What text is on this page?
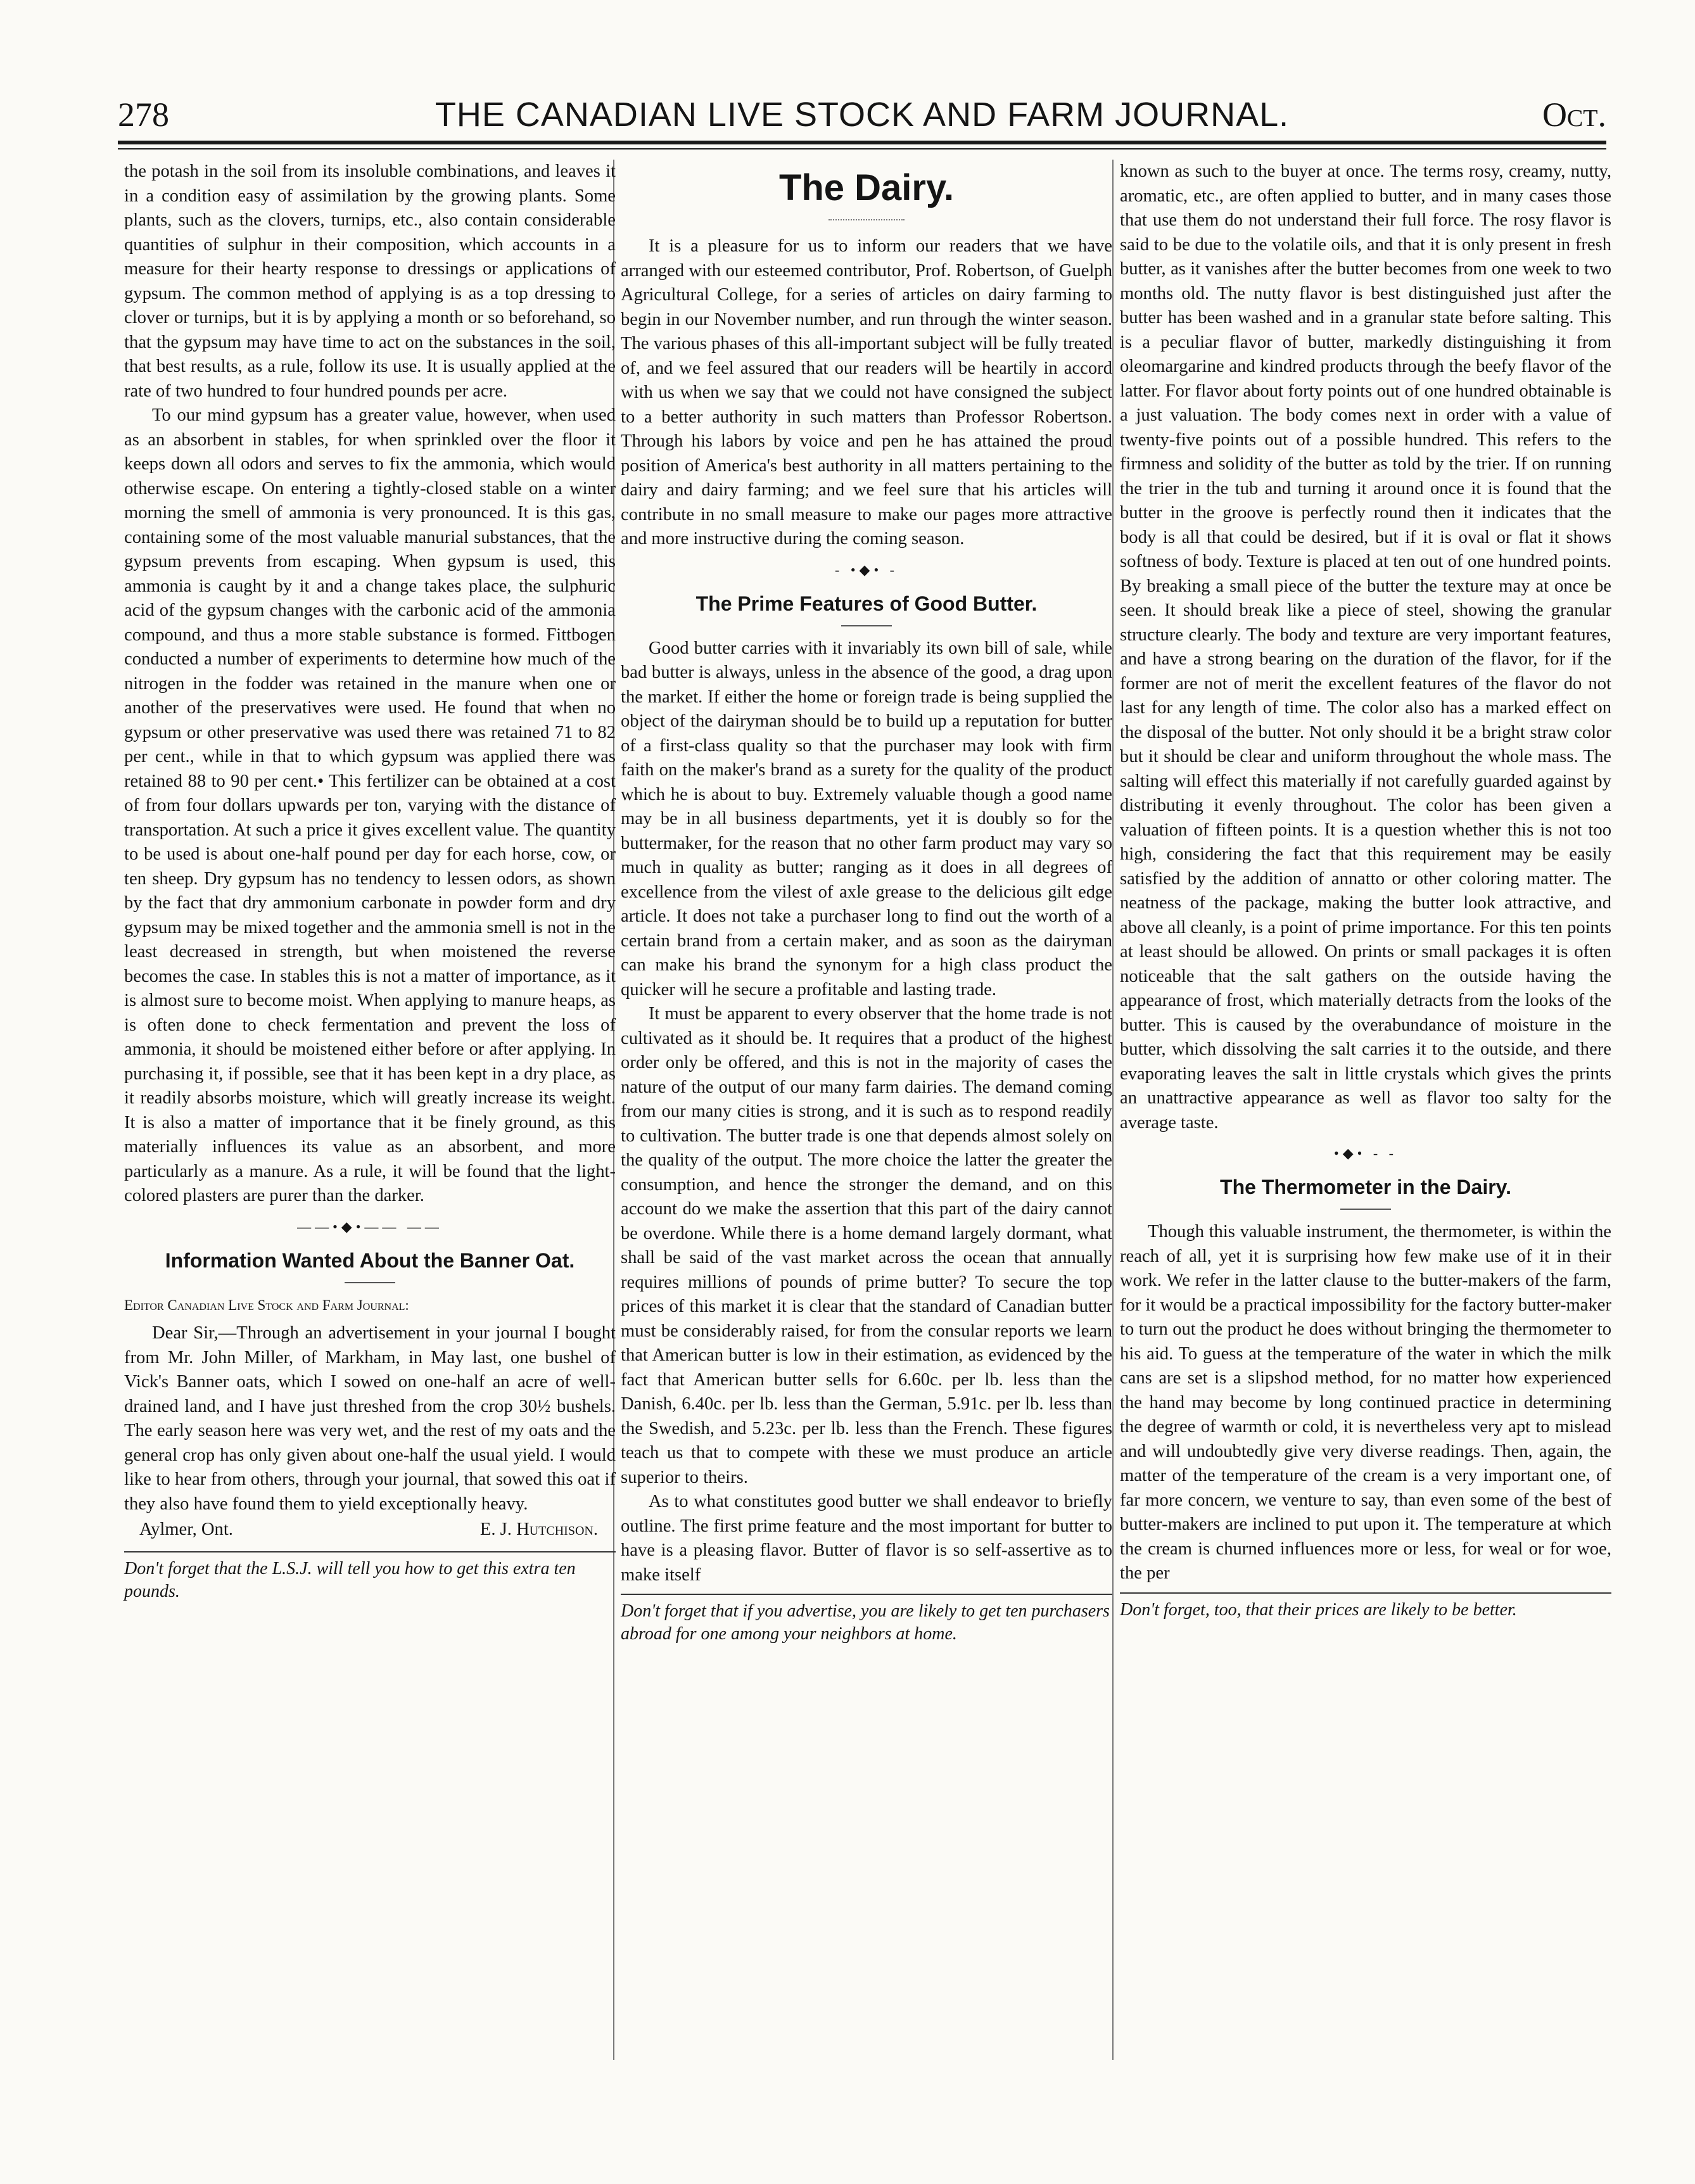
278	THE CANADIAN LIVE STOCK AND FARM JOURNAL.	Oct.

the potash in the soil from its insoluble combinations, and leaves it in a condition easy of assimilation by the growing plants. Some plants, such as the clovers, turnips, etc., also contain considerable quantities of sulphur in their composition, which accounts in a measure for their hearty response to dressings or applications of gypsum. The common method of applying is as a top dressing to clover or turnips, but it is by applying a month or so beforehand, so that the gypsum may have time to act on the substances in the soil, that best results, as a rule, follow its use. It is usually applied at the rate of two hundred to four hundred pounds per acre.

To our mind gypsum has a greater value, however, when used as an absorbent in stables, for when sprinkled over the floor it keeps down all odors and serves to fix the ammonia, which would otherwise escape. On entering a tightly-closed stable on a winter morning the smell of ammonia is very pronounced. It is this gas, containing some of the most valuable manurial substances, that the gypsum prevents from escaping. When gypsum is used, this ammonia is caught by it and a change takes place, the sulphuric acid of the gypsum changes with the carbonic acid of the ammonia compound, and thus a more stable substance is formed. Fittbogen conducted a number of experiments to determine how much of the nitrogen in the fodder was retained in the manure when one or another of the preservatives were used. He found that when no gypsum or other preservative was used there was retained 71 to 82 per cent., while in that to which gypsum was applied there was retained 88 to 90 per cent.• This fertilizer can be obtained at a cost of from four dollars upwards per ton, varying with the distance of transportation. At such a price it gives excellent value. The quantity to be used is about one-half pound per day for each horse, cow, or ten sheep. Dry gypsum has no tendency to lessen odors, as shown by the fact that dry ammonium carbonate in powder form and dry gypsum may be mixed together and the ammonia smell is not in the least decreased in strength, but when moistened the reverse becomes the case. In stables this is not a matter of importance, as it is almost sure to become moist. When applying to manure heaps, as is often done to check fermentation and prevent the loss of ammonia, it should be moistened either before or after applying. In purchasing it, if possible, see that it has been kept in a dry place, as it readily absorbs moisture, which will greatly increase its weight. It is also a matter of importance that it be finely ground, as this materially influences its value as an absorbent, and more particularly as a manure. As a rule, it will be found that the light-colored plasters are purer than the darker.

——•◆•—— ——
Information Wanted About the Banner Oat.

Editor Canadian Live Stock and Farm Journal:

Dear Sir,—Through an advertisement in your journal I bought from Mr. John Miller, of Markham, in May last, one bushel of Vick's Banner oats, which I sowed on one-half an acre of well-drained land, and I have just threshed from the crop 30½ bushels. The early season here was very wet, and the rest of my oats and the general crop has only given about one-half the usual yield. I would like to hear from others, through your journal, that sowed this oat if they also have found them to yield exceptionally heavy.

Aylmer, Ont.	E. J. Hutchison.

Don't forget that the L.S.J. will tell you how to get this extra ten pounds.

The Dairy.

It is a pleasure for us to inform our readers that we have arranged with our esteemed contributor, Prof. Robertson, of Guelph Agricultural College, for a series of articles on dairy farming to begin in our November number, and run through the winter season. The various phases of this all-important subject will be fully treated of, and we feel assured that our readers will be heartily in accord with us when we say that we could not have consigned the subject to a better authority in such matters than Professor Robertson. Through his labors by voice and pen he has attained the proud position of America's best authority in all matters pertaining to the dairy and dairy farming; and we feel sure that his articles will contribute in no small measure to make our pages more attractive and more instructive during the coming season.

- •◆• -
The Prime Features of Good Butter.

Good butter carries with it invariably its own bill of sale, while bad butter is always, unless in the absence of the good, a drag upon the market. If either the home or foreign trade is being supplied the object of the dairyman should be to build up a reputation for butter of a first-class quality so that the purchaser may look with firm faith on the maker's brand as a surety for the quality of the product which he is about to buy. Extremely valuable though a good name may be in all business departments, yet it is doubly so for the buttermaker, for the reason that no other farm product may vary so much in quality as butter; ranging as it does in all degrees of excellence from the vilest of axle grease to the delicious gilt edge article. It does not take a purchaser long to find out the worth of a certain brand from a certain maker, and as soon as the dairyman can make his brand the synonym for a high class product the quicker will he secure a profitable and lasting trade.

It must be apparent to every observer that the home trade is not cultivated as it should be. It requires that a product of the highest order only be offered, and this is not in the majority of cases the nature of the output of our many farm dairies. The demand coming from our many cities is strong, and it is such as to respond readily to cultivation. The butter trade is one that depends almost solely on the quality of the output. The more choice the latter the greater the consumption, and hence the stronger the demand, and on this account do we make the assertion that this part of the dairy cannot be overdone. While there is a home demand largely dormant, what shall be said of the vast market across the ocean that annually requires millions of pounds of prime butter? To secure the top prices of this market it is clear that the standard of Canadian butter must be considerably raised, for from the consular reports we learn that American butter is low in their estimation, as evidenced by the fact that American butter sells for 6.60c. per lb. less than the Danish, 6.40c. per lb. less than the German, 5.91c. per lb. less than the Swedish, and 5.23c. per lb. less than the French. These figures teach us that to compete with these we must produce an article superior to theirs.

As to what constitutes good butter we shall endeavor to briefly outline. The first prime feature and the most important for butter to have is a pleasing flavor. Butter of flavor is so self-assertive as to make itself

Don't forget that if you advertise, you are likely to get ten purchasers abroad for one among your neighbors at home.

known as such to the buyer at once. The terms rosy, creamy, nutty, aromatic, etc., are often applied to butter, and in many cases those that use them do not understand their full force. The rosy flavor is said to be due to the volatile oils, and that it is only present in fresh butter, as it vanishes after the butter becomes from one week to two months old. The nutty flavor is best distinguished just after the butter has been washed and in a granular state before salting. This is a peculiar flavor of butter, markedly distinguishing it from oleomargarine and kindred products through the beefy flavor of the latter. For flavor about forty points out of one hundred obtainable is a just valuation. The body comes next in order with a value of twenty-five points out of a possible hundred. This refers to the firmness and solidity of the butter as told by the trier. If on running the trier in the tub and turning it around once it is found that the butter in the groove is perfectly round then it indicates that the body is all that could be desired, but if it is oval or flat it shows softness of body. Texture is placed at ten out of one hundred points. By breaking a small piece of the butter the texture may at once be seen. It should break like a piece of steel, showing the granular structure clearly. The body and texture are very important features, and have a strong bearing on the duration of the flavor, for if the former are not of merit the excellent features of the flavor do not last for any length of time. The color also has a marked effect on the disposal of the butter. Not only should it be a bright straw color but it should be clear and uniform throughout the whole mass. The salting will effect this materially if not carefully guarded against by distributing it evenly throughout. The color has been given a valuation of fifteen points. It is a question whether this is not too high, considering the fact that this requirement may be easily satisfied by the addition of annatto or other coloring matter. The neatness of the package, making the butter look attractive, and above all cleanly, is a point of prime importance. For this ten points at least should be allowed. On prints or small packages it is often noticeable that the salt gathers on the outside having the appearance of frost, which materially detracts from the looks of the butter. This is caused by the overabundance of moisture in the butter, which dissolving the salt carries it to the outside, and there evaporating leaves the salt in little crystals which gives the prints an unattractive appearance as well as flavor too salty for the average taste.

•◆• - -
The Thermometer in the Dairy.

Though this valuable instrument, the thermometer, is within the reach of all, yet it is surprising how few make use of it in their work. We refer in the latter clause to the butter-makers of the farm, for it would be a practical impossibility for the factory butter-maker to turn out the product he does without bringing the thermometer to his aid. To guess at the temperature of the water in which the milk cans are set is a slipshod method, for no matter how experienced the hand may become by long continued practice in determining the degree of warmth or cold, it is nevertheless very apt to mislead and will undoubtedly give very diverse readings. Then, again, the matter of the temperature of the cream is a very important one, of far more concern, we venture to say, than even some of the best of butter-makers are inclined to put upon it. The temperature at which the cream is churned influences more or less, for weal or for woe, the per

Don't forget, too, that their prices are likely to be better.
